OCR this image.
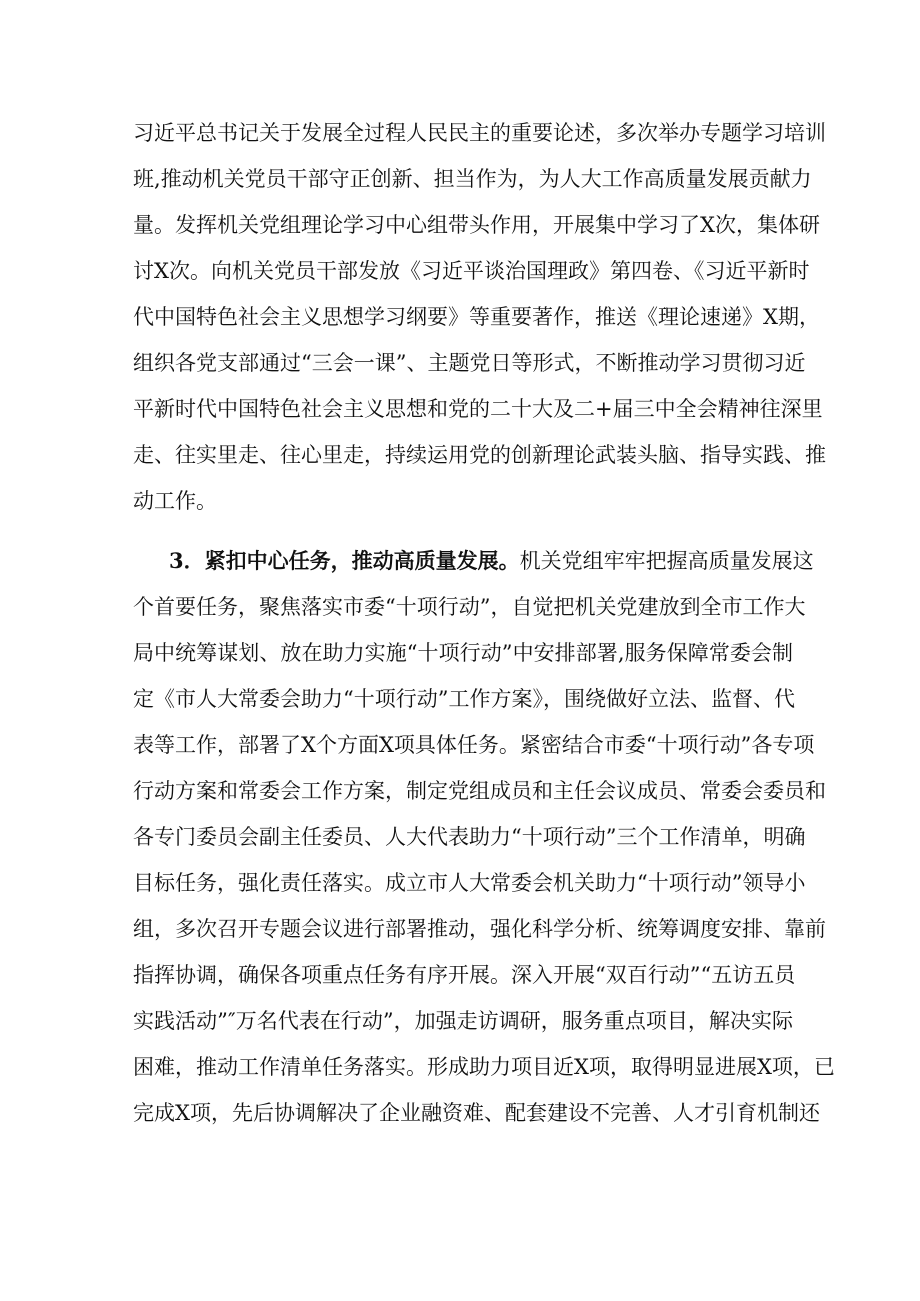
习近平总书记关于发展全过程人民民主的重要论述，多次举办专题学习培训
班,推动机关党员干部守正创新、担当作为，为人大工作高质量发展贡献力
量。发挥机关党组理论学习中心组带头作用，开展集中学习了X次，集体研
讨X次。向机关党员干部发放《习近平谈治国理政》第四卷、《习近平新时
代中国特色社会主义思想学习纲要》等重要著作，推送《理论速递》X期，
组织各党支部通过“三会一课”、主题党日等形式，不断推动学习贯彻习近
平新时代中国特色社会主义思想和党的二十大及二+届三中全会精神往深里
走、往实里走、往心里走，持续运用党的创新理论武装头脑、指导实践、推
动工作。
3．紧扣中心任务，推动高质量发展。机关党组牢牢把握高质量发展这
个首要任务，聚焦落实市委“十项行动”，自觉把机关党建放到全市工作大
局中统筹谋划、放在助力实施“十项行动”中安排部署,服务保障常委会制
定《市人大常委会助力“十项行动”工作方案》，围绕做好立法、监督、代
表等工作，部署了X个方面X项具体任务。紧密结合市委“十项行动”各专项
行动方案和常委会工作方案，制定党组成员和主任会议成员、常委会委员和
各专门委员会副主任委员、人大代表助力“十项行动”三个工作清单，明确
目标任务，强化责任落实。成立市人大常委会机关助力“十项行动”领导小
组，多次召开专题会议进行部署推动，强化科学分析、统筹调度安排、靠前
指挥协调，确保各项重点任务有序开展。深入开展“双百行动”“五访五员
实践活动”″万名代表在行动”，加强走访调研，服务重点项目，解决实际
困难，推动工作清单任务落实。形成助力项目近X项，取得明显进展X项，已
完成X项，先后协调解决了企业融资难、配套建设不完善、人才引育机制还
